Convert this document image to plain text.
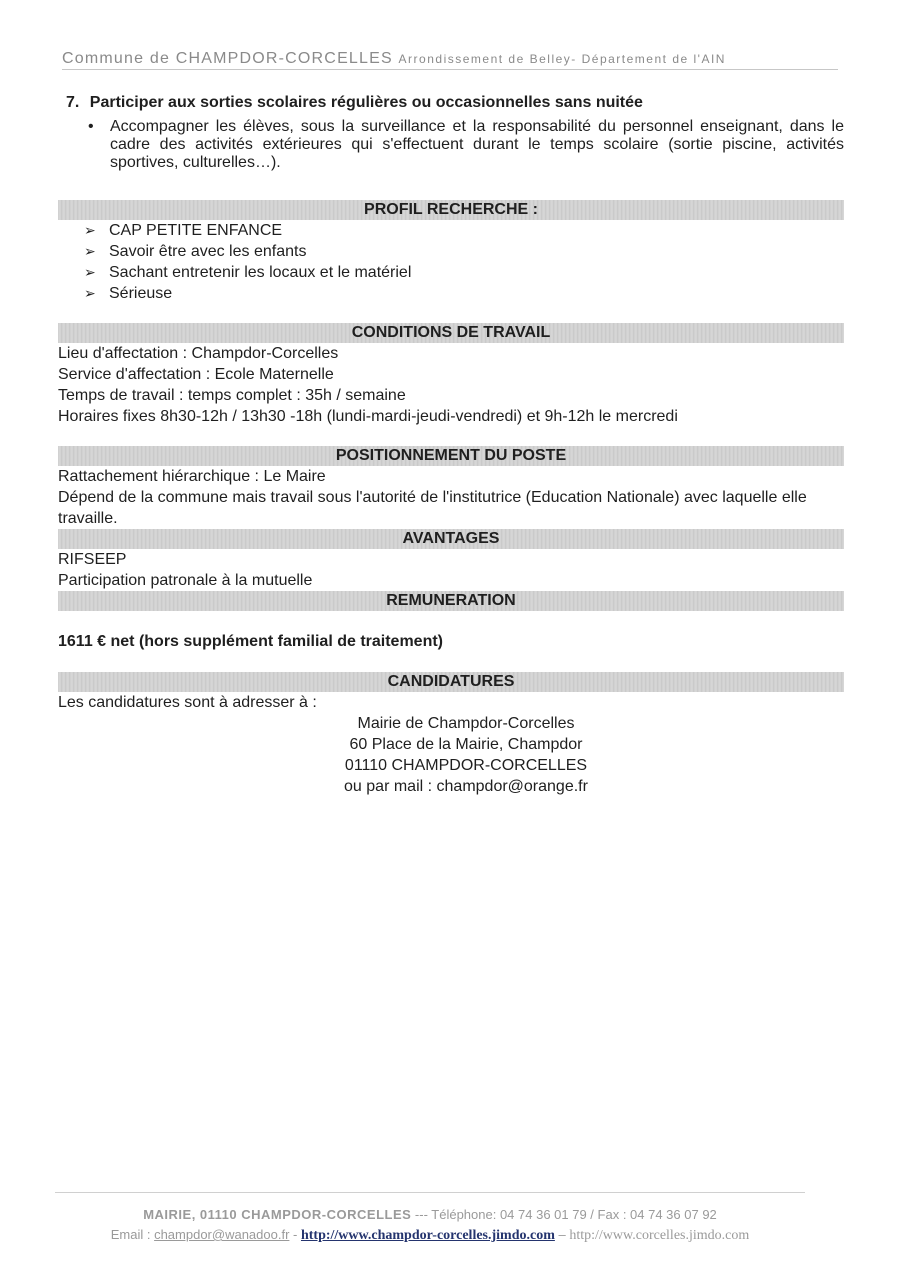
Commune de CHAMPDOR-CORCELLES Arrondissement de Belley- Département de l'AIN
7. Participer aux sorties scolaires régulières ou occasionnelles sans nuitée
•	Accompagner les élèves, sous la surveillance et la responsabilité du personnel enseignant, dans le cadre des activités extérieures qui s'effectuent durant le temps scolaire (sortie piscine, activités sportives, culturelles…).
PROFIL RECHERCHE :
➢ CAP PETITE ENFANCE
➢ Savoir être avec les enfants
➢ Sachant entretenir les locaux et le matériel
➢ Sérieuse
CONDITIONS DE TRAVAIL
Lieu d'affectation : Champdor-Corcelles
Service d'affectation : Ecole Maternelle
Temps de travail : temps complet : 35h / semaine
Horaires fixes 8h30-12h / 13h30 -18h (lundi-mardi-jeudi-vendredi) et 9h-12h le mercredi
POSITIONNEMENT DU POSTE
Rattachement hiérarchique : Le Maire
Dépend de la commune mais travail sous l'autorité de l'institutrice (Education Nationale) avec laquelle elle travaille.
AVANTAGES
RIFSEEP
Participation patronale à la mutuelle
REMUNERATION
1611 € net (hors supplément familial de traitement)
CANDIDATURES
Les candidatures sont à adresser à :
Mairie de Champdor-Corcelles
60 Place de la Mairie, Champdor
01110 CHAMPDOR-CORCELLES
ou par mail : champdor@orange.fr
MAIRIE, 01110 CHAMPDOR-CORCELLES --- Téléphone: 04 74 36 01 79 / Fax : 04 74 36 07 92
Email : champdor@wanadoo.fr - http://www.champdor-corcelles.jimdo.com – http://www.corcelles.jimdo.com
